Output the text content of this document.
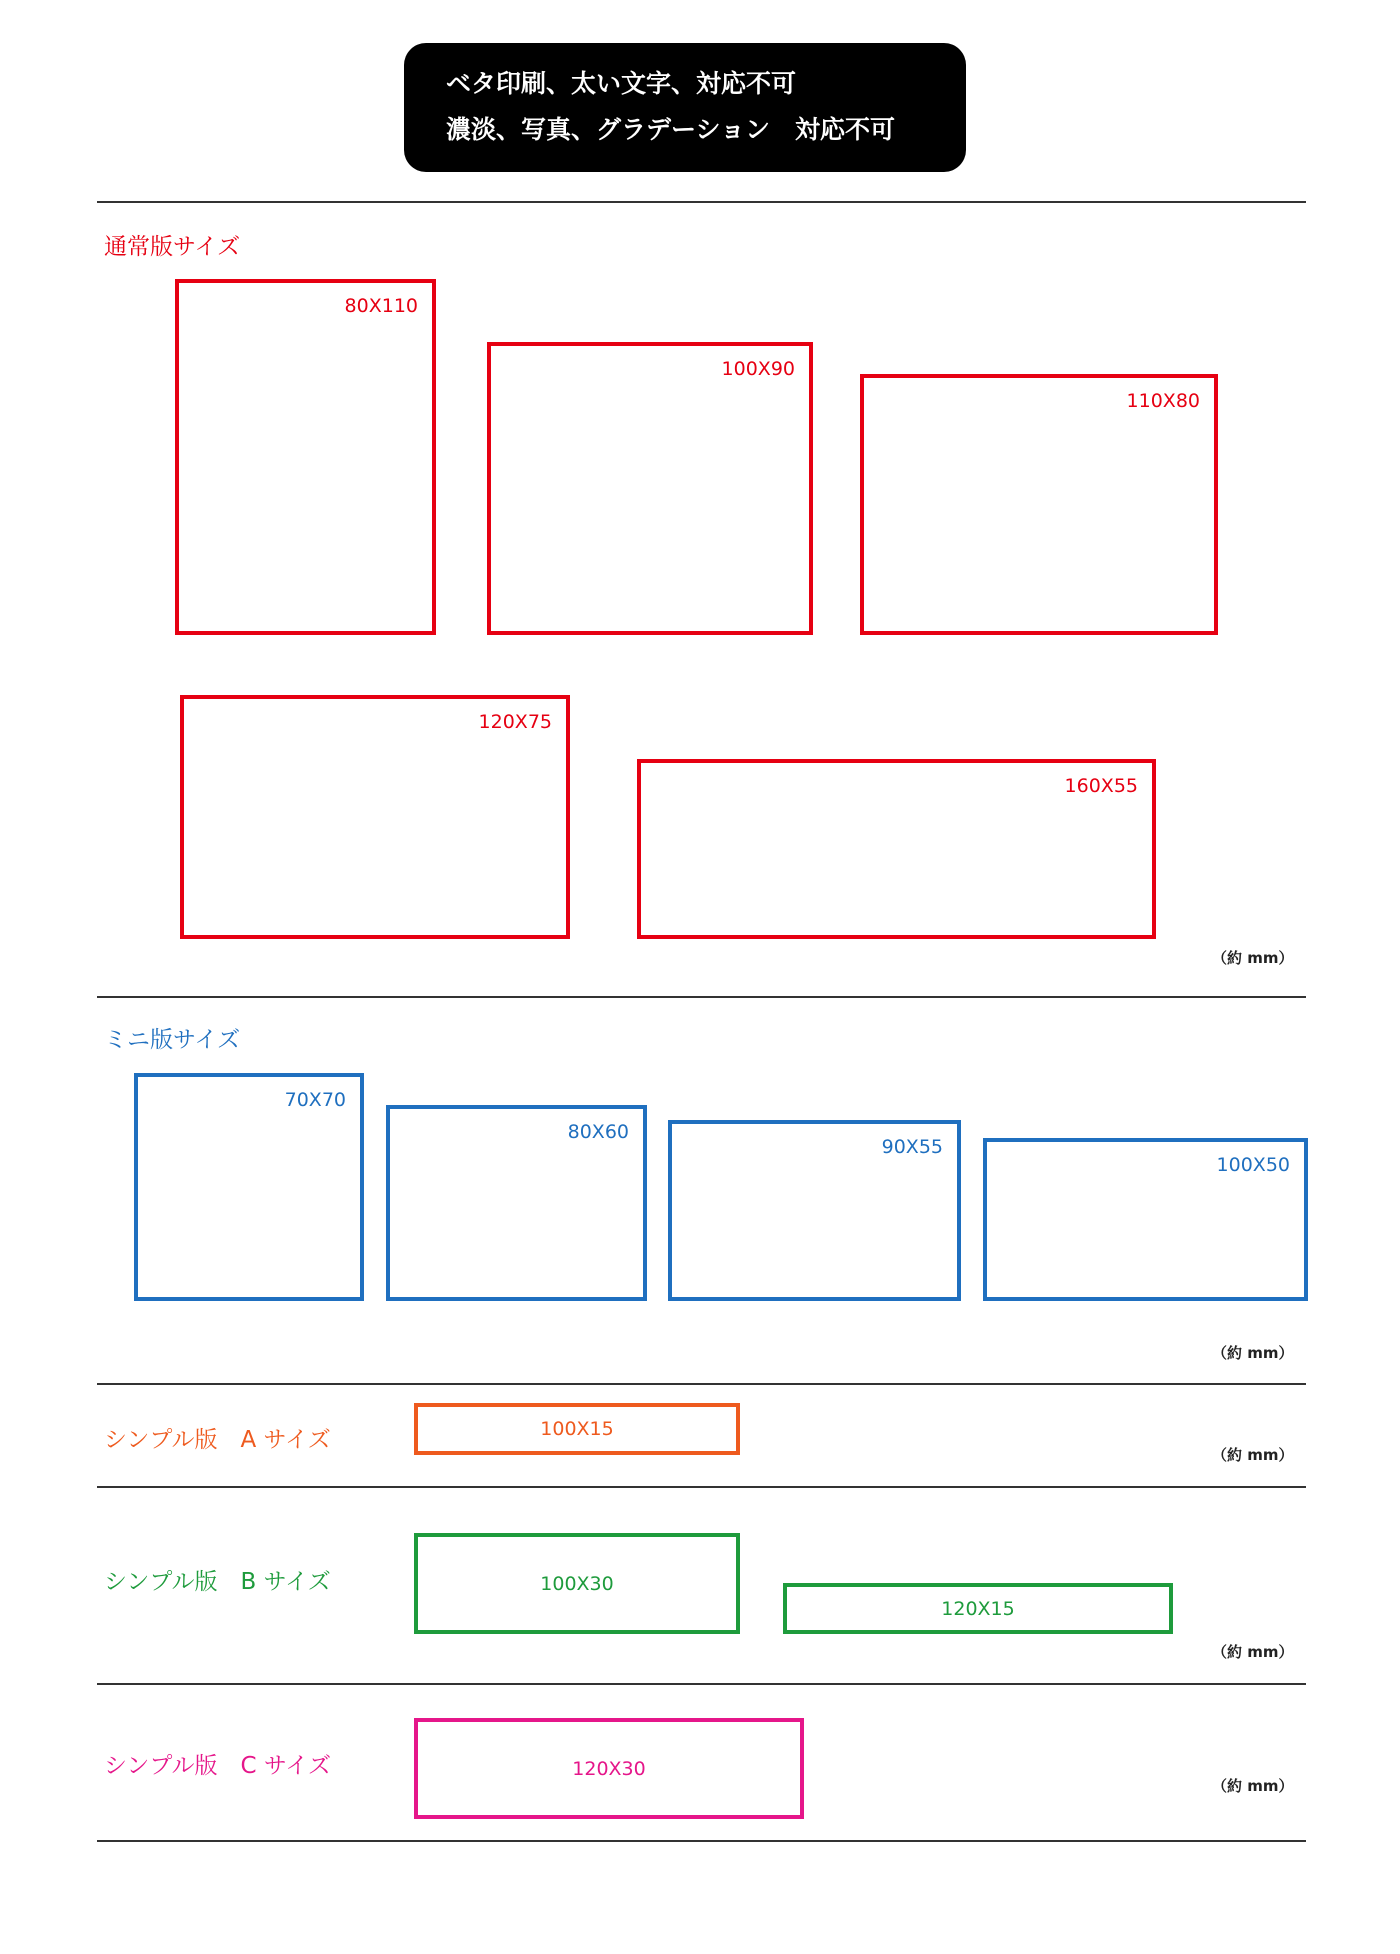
ベタ印刷、太い文字、対応不可
濃淡、写真、グラデーション　対応不可
通常版サイズ
80X110
100X90
110X80
120X75
160X55
（約 mm）
ミニ版サイズ
70X70
80X60
90X55
100X50
（約 mm）
シンプル版　A サイズ	100X15
（約 mm）
シンプル版　B サイズ	100X30
120X15
（約 mm）
シンプル版　C サイズ	120X30
（約 mm）
